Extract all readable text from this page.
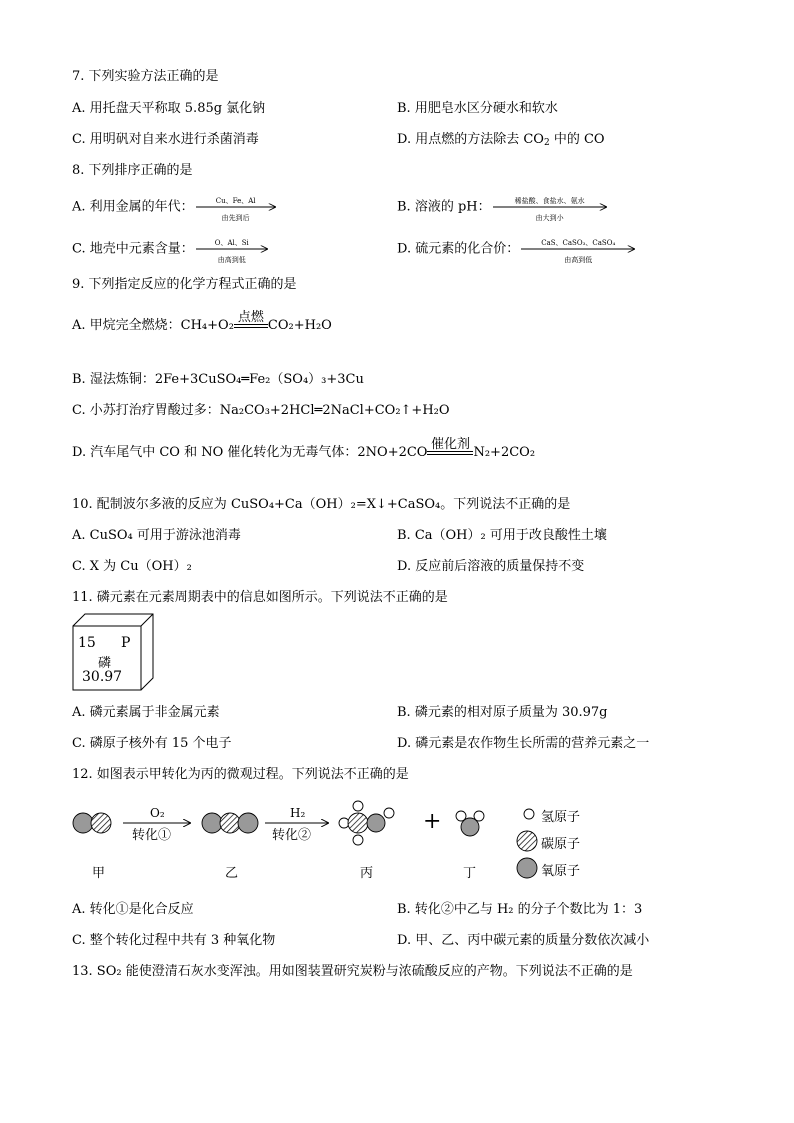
7. 下列实验方法正确的是
A. 用托盘天平称取 5.85g 氯化钠	B. 用肥皂水区分硬水和软水
C. 用明矾对自来水进行杀菌消毒	D. 用点燃的方法除去 $CO_2$ 中的 CO
8. 下列排序正确的是
A. 利用金属的年代：	Cu、Fe、Al
由先到后
B. 溶液的 pH：	稀盐酸、食盐水、氨水
由大到小
C. 地壳中元素含量：	O、Al、Si
由高到低
D. 硫元素的化合价：	CaS、CaSO₃、CaSO₄
由高到低
9. 下列指定反应的化学方程式正确的是
A. 甲烷完全燃烧：CH₄+O₂
点燃
CO₂+H₂O
B. 湿法炼铜：2Fe+3CuSO₄═Fe₂（SO₄）₃+3Cu
C. 小苏打治疗胃酸过多：Na₂CO₃+2HCl═2NaCl+CO₂↑+H₂O
D. 汽车尾气中 CO 和 NO 催化转化为无毒气体：2NO+2CO
催化剂
N₂+2CO₂
10. 配制波尔多液的反应为 CuSO₄+Ca（OH）₂=X↓+CaSO₄。下列说法不正确的是
A. CuSO₄ 可用于游泳池消毒	B. Ca（OH）₂ 可用于改良酸性土壤
C. X 为 Cu（OH）₂	D. 反应前后溶液的质量保持不变
11. 磷元素在元素周期表中的信息如图所示。下列说法不正确的是
15 P
磷
30.97
A. 磷元素属于非金属元素	B. 磷元素的相对原子质量为 30.97g
C. 磷原子核外有 15 个电子	D. 磷元素是农作物生长所需的营养元素之一
12. 如图表示甲转化为丙的微观过程。下列说法不正确的是
O₂
转化①
H₂
转化②
+
甲	乙	丙	丁
氢原子
碳原子
氧原子
A. 转化①是化合反应	B. 转化②中乙与 H₂ 的分子个数比为 1：3
C. 整个转化过程中共有 3 种氧化物	D. 甲、乙、丙中碳元素的质量分数依次减小
13. SO₂ 能使澄清石灰水变浑浊。用如图装置研究炭粉与浓硫酸反应的产物。下列说法不正确的是
